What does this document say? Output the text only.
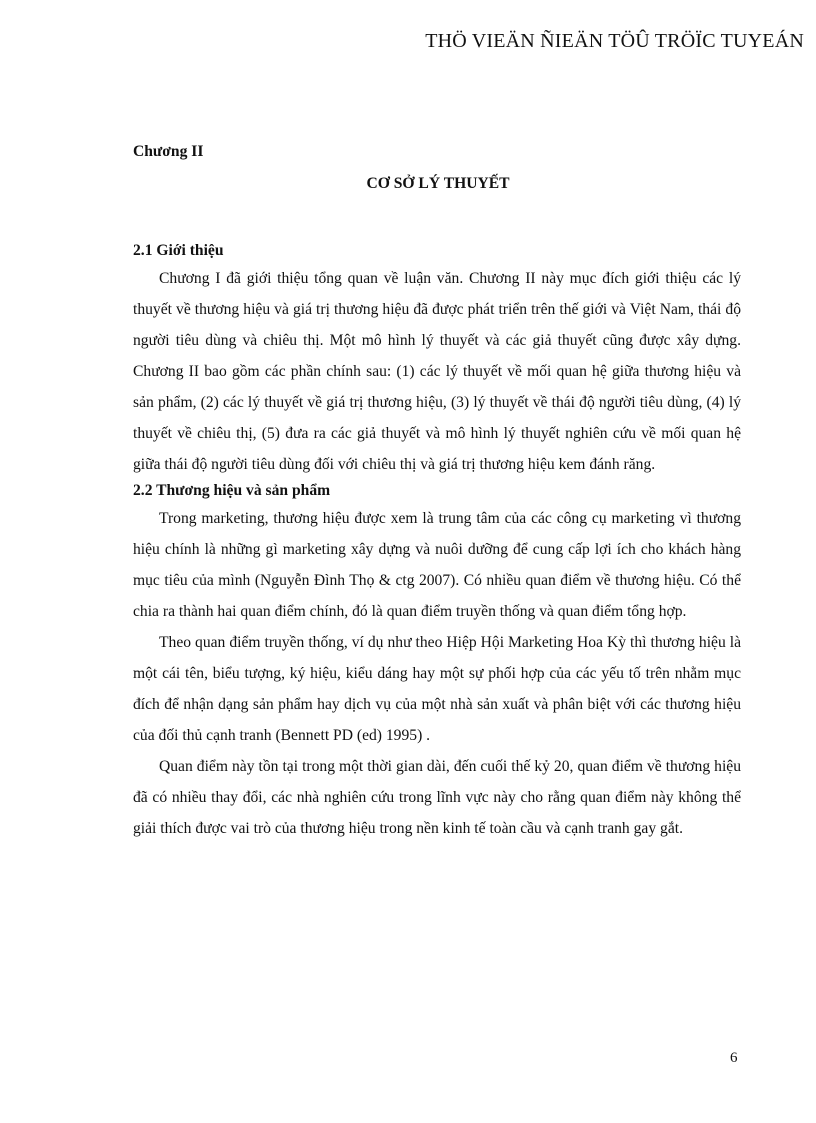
THÖ VIEÄN ÑIEÄN TÖÛ TRÖÏC TUYEÁN

Chương II

CƠ SỞ LÝ THUYẾT

2.1 Giới thiệu

Chương I đã giới thiệu tổng quan về luận văn. Chương II này mục đích giới thiệu các lý thuyết về thương hiệu và giá trị thương hiệu đã được phát triển trên thế giới và Việt Nam, thái độ người tiêu dùng và chiêu thị. Một mô hình lý thuyết và các giả thuyết cũng được xây dựng. Chương II bao gồm các phần chính sau: (1) các lý thuyết về mối quan hệ giữa thương hiệu và sản phẩm, (2) các lý thuyết về giá trị thương hiệu, (3) lý thuyết về thái độ người tiêu dùng, (4) lý thuyết về chiêu thị, (5) đưa ra các giả thuyết và mô hình lý thuyết nghiên cứu về mối quan hệ giữa thái độ người tiêu dùng đối với chiêu thị và giá trị thương hiệu kem đánh răng.

2.2 Thương hiệu và sản phẩm

Trong marketing, thương hiệu được xem là trung tâm của các công cụ marketing vì thương hiệu chính là những gì marketing xây dựng và nuôi dưỡng để cung cấp lợi ích cho khách hàng mục tiêu của mình (Nguyễn Đình Thọ & ctg 2007). Có nhiều quan điểm về thương hiệu. Có thể chia ra thành hai quan điểm chính, đó là quan điểm truyền thống và quan điểm tổng hợp.

Theo quan điểm truyền thống, ví dụ như theo Hiệp Hội Marketing Hoa Kỳ thì thương hiệu là một cái tên, biểu tượng, ký hiệu, kiểu dáng hay một sự phối hợp của các yếu tố trên nhằm mục đích để nhận dạng sản phẩm hay dịch vụ của một nhà sản xuất và phân biệt với các thương hiệu của đối thủ cạnh tranh (Bennett PD (ed) 1995) .

Quan điểm này tồn tại trong một thời gian dài, đến cuối thế kỷ 20, quan điểm về thương hiệu đã có nhiều thay đổi, các nhà nghiên cứu trong lĩnh vực này cho rằng quan điểm này không thể giải thích được vai trò của thương hiệu trong nền kinh tế toàn cầu và cạnh tranh gay gắt.

6
